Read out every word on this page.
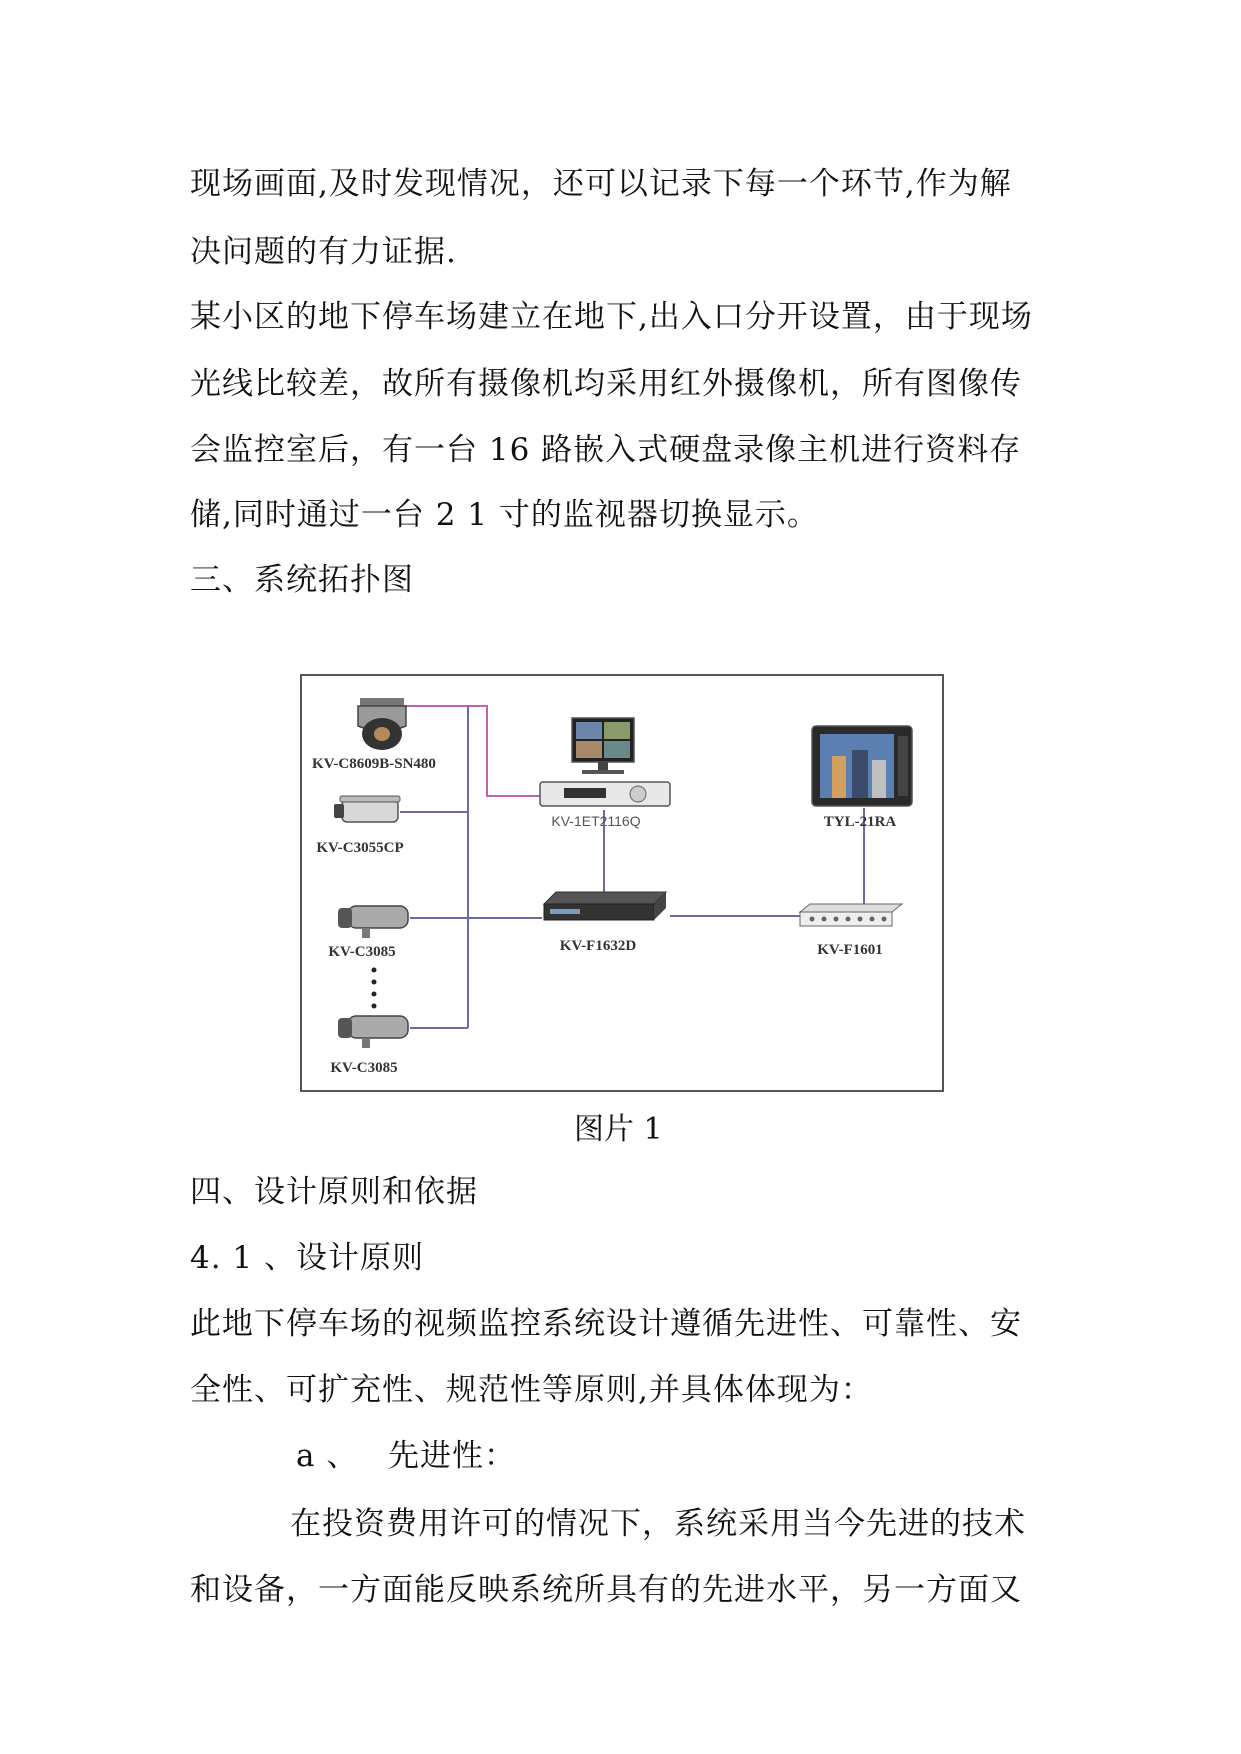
现场画面,及时发现情况，还可以记录下每一个环节,作为解
决问题的有力证据.
某小区的地下停车场建立在地下,出入口分开设置，由于现场
光线比较差，故所有摄像机均采用红外摄像机，所有图像传
会监控室后，有一台 16 路嵌入式硬盘录像主机进行资料存
储,同时通过一台 2 1 寸的监视器切换显示。
三、系统拓扑图
KV-C8609B-SN480
KV-C3055CP
KV-C3085
KV-C3085
KV-1ET2116Q
KV-F1632D
TYL-21RA
KV-F1601
图片 1
四、设计原则和依据
4. 1 、设计原则
此地下停车场的视频监控系统设计遵循先进性、可靠性、安
全性、可扩充性、规范性等原则,并具体体现为：
a 、 先进性：
在投资费用许可的情况下，系统采用当今先进的技术
和设备，一方面能反映系统所具有的先进水平，另一方面又
